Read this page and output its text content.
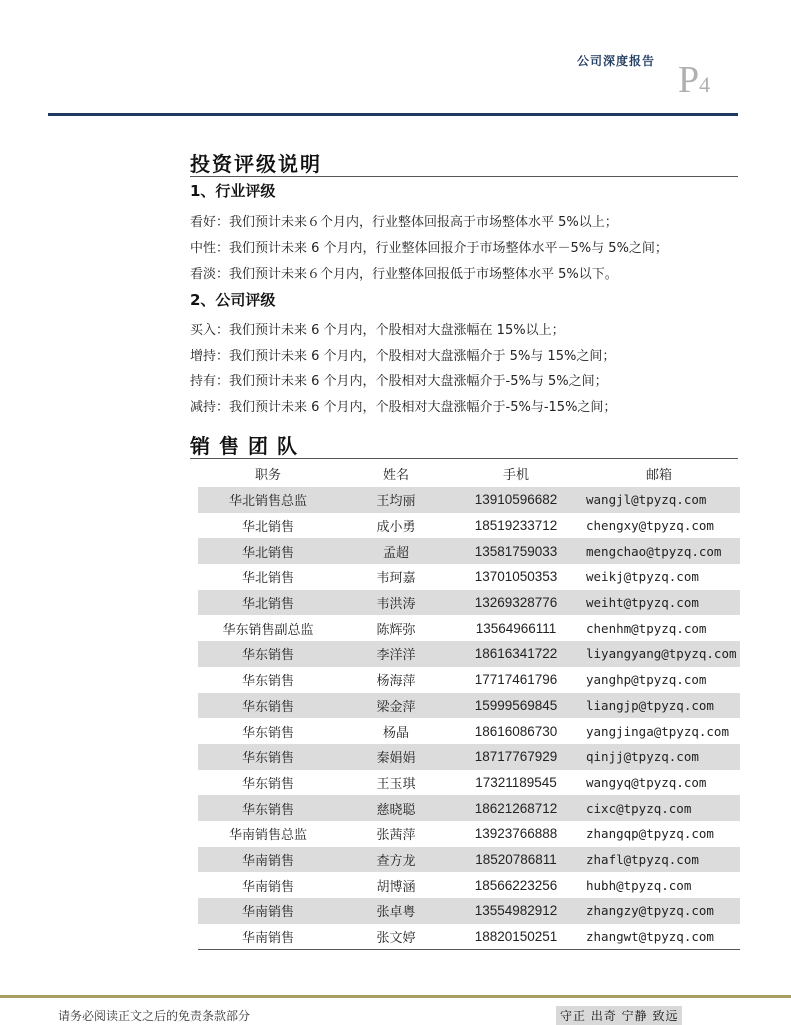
公司深度报告 P4
投资评级说明
1、行业评级
看好：我们预计未来６个月内，行业整体回报高于市场整体水平 5%以上；
中性：我们预计未来 6 个月内，行业整体回报介于市场整体水平－5%与 5%之间；
看淡：我们预计未来６个月内，行业整体回报低于市场整体水平 5%以下。
2、公司评级
买入：我们预计未来 6 个月内，个股相对大盘涨幅在 15%以上；
增持：我们预计未来 6 个月内，个股相对大盘涨幅介于 5%与 15%之间；
持有：我们预计未来 6 个月内，个股相对大盘涨幅介于-5%与 5%之间；
减持：我们预计未来 6 个月内，个股相对大盘涨幅介于-5%与-15%之间；
销售团队
职务	姓名	手机	邮箱
华北销售总监	王均丽	13910596682	wangjl@tpyzq.com
华北销售	成小勇	18519233712	chengxy@tpyzq.com
华北销售	孟超	13581759033	mengchao@tpyzq.com
华北销售	韦珂嘉	13701050353	weikj@tpyzq.com
华北销售	韦洪涛	13269328776	weiht@tpyzq.com
华东销售副总监	陈辉弥	13564966111	chenhm@tpyzq.com
华东销售	李洋洋	18616341722	liyangyang@tpyzq.com
华东销售	杨海萍	17717461796	yanghp@tpyzq.com
华东销售	梁金萍	15999569845	liangjp@tpyzq.com
华东销售	杨晶	18616086730	yangjinga@tpyzq.com
华东销售	秦娟娟	18717767929	qinjj@tpyzq.com
华东销售	王玉琪	17321189545	wangyq@tpyzq.com
华东销售	慈晓聪	18621268712	cixc@tpyzq.com
华南销售总监	张茜萍	13923766888	zhangqp@tpyzq.com
华南销售	查方龙	18520786811	zhafl@tpyzq.com
华南销售	胡博涵	18566223256	hubh@tpyzq.com
华南销售	张卓粤	13554982912	zhangzy@tpyzq.com
华南销售	张文婷	18820150251	zhangwt@tpyzq.com
请务必阅读正文之后的免责条款部分	守正 出奇 宁静 致远
